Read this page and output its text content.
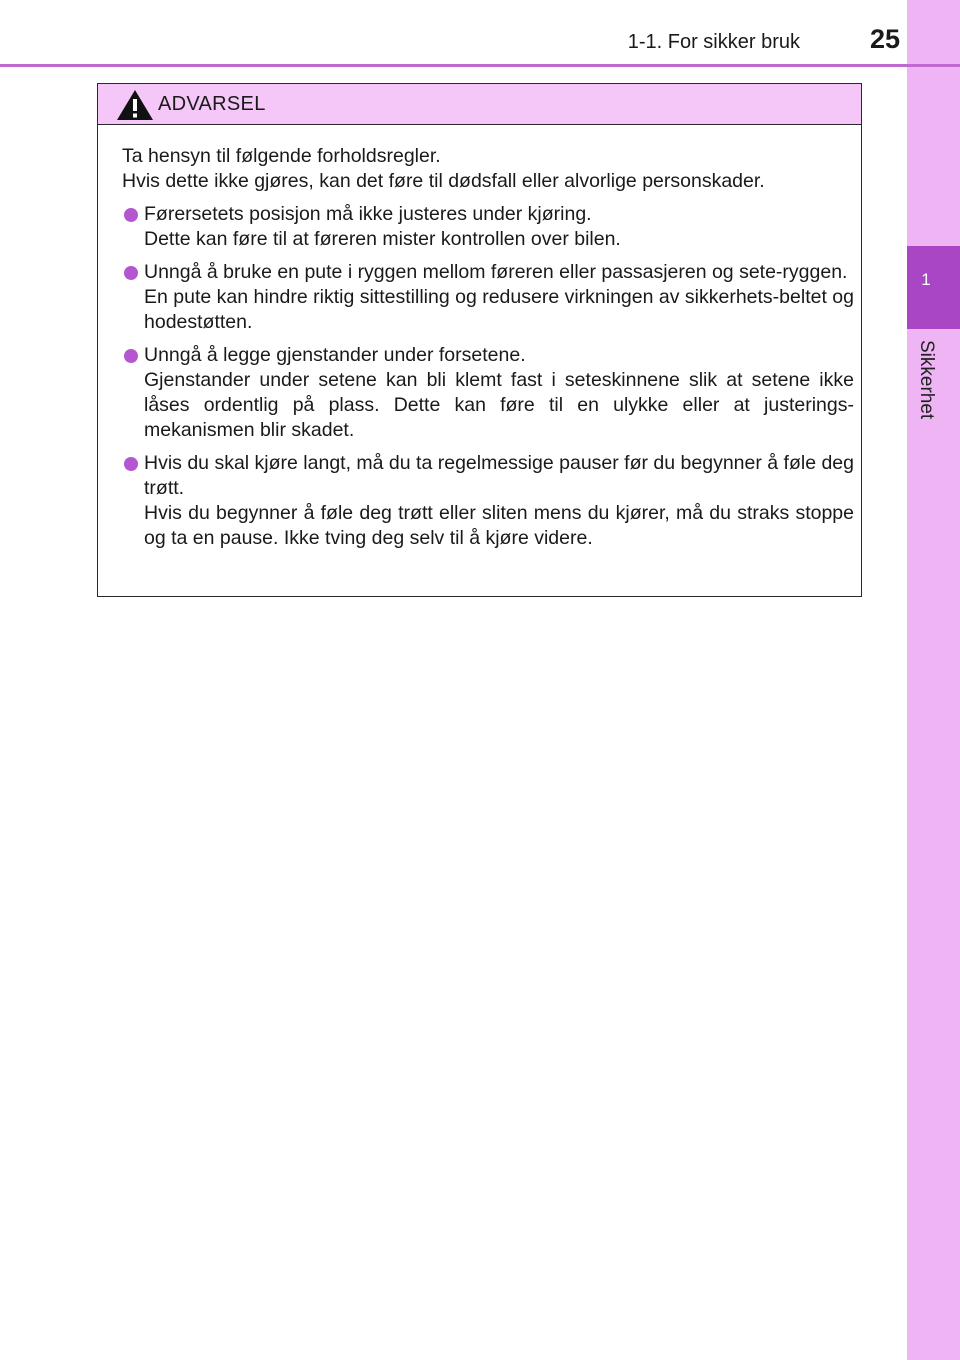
1
Sikkerhet
1-1. For sikker bruk	25
ADVARSEL

Ta hensyn til følgende forholdsregler.
Hvis dette ikke gjøres, kan det føre til dødsfall eller alvorlige personskader.

Førersetets posisjon må ikke justeres under kjøring.
Dette kan føre til at føreren mister kontrollen over bilen.
Unngå å bruke en pute i ryggen mellom føreren eller passasjeren og sete-ryggen.
En pute kan hindre riktig sittestilling og redusere virkningen av sikkerhets-beltet og hodestøtten.
Unngå å legge gjenstander under forsetene.
Gjenstander under setene kan bli klemt fast i seteskinnene slik at setene ikke låses ordentlig på plass. Dette kan føre til en ulykke eller at justerings-mekanismen blir skadet.
Hvis du skal kjøre langt, må du ta regelmessige pauser før du begynner å føle deg trøtt.
Hvis du begynner å føle deg trøtt eller sliten mens du kjører, må du straks stoppe og ta en pause. Ikke tving deg selv til å kjøre videre.
